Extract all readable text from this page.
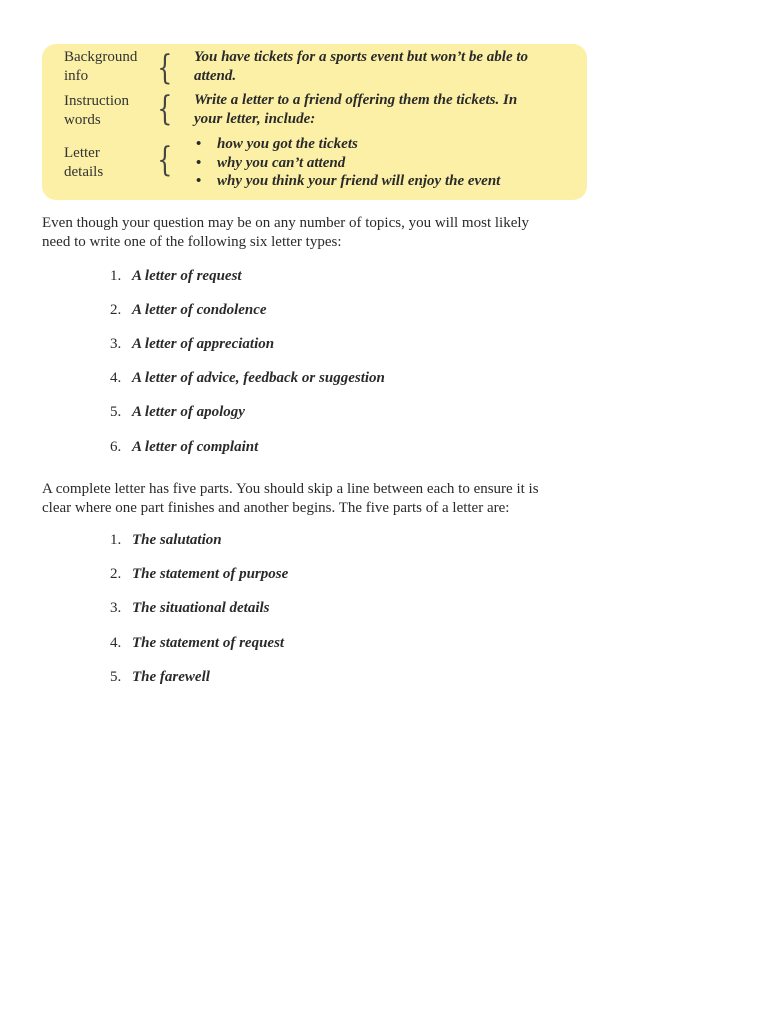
Background
info	{ You have tickets for a sports event but won’t be able to
attend.
Instruction
words	{ Write a letter to a friend offering them the tickets. In
your letter, include:
Letter
details { • how you got the tickets
• why you can’t attend
• why you think your friend will enjoy the event
Even though your question may be on any number of topics, you will most likely
need to write one of the following six letter types:
1. A letter of request
2. A letter of condolence
3. A letter of appreciation
4. A letter of advice, feedback or suggestion
5. A letter of apology
6. A letter of complaint
A complete letter has five parts. You should skip a line between each to ensure it is
clear where one part finishes and another begins. The five parts of a letter are:
1. The salutation
2. The statement of purpose
3. The situational details
4. The statement of request
5. The farewell
